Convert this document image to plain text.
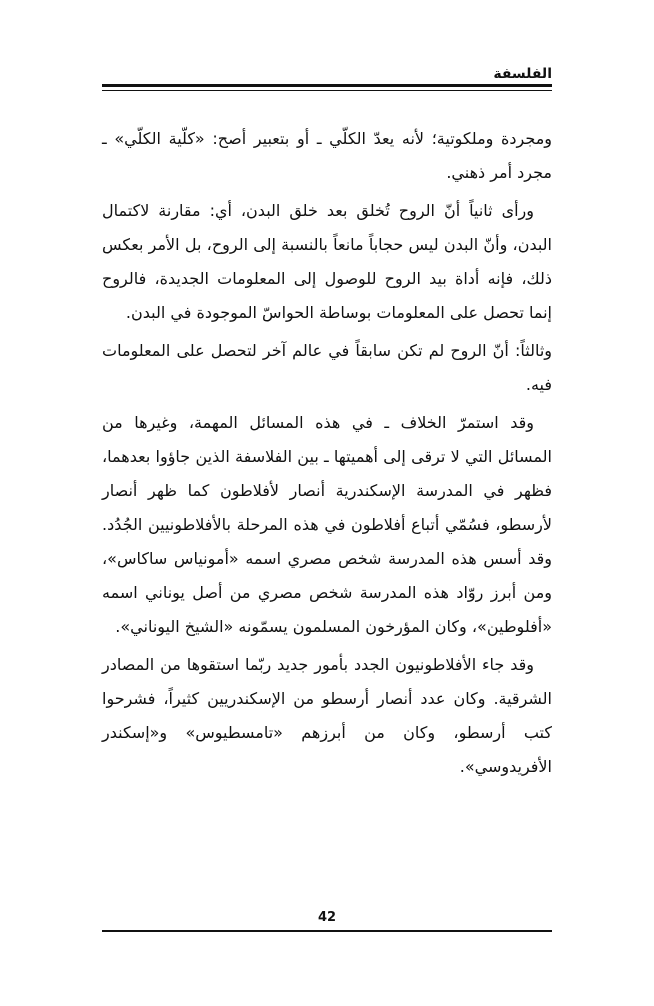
الفلسفة

ومجردة وملكوتية؛ لأنه يعدّ الكلّي ـ أو بتعبير أصح: «كلّية الكلّي» ـ مجرد أمر ذهني.

ورأى ثانياً أنّ الروح تُخلق بعد خلق البدن، أي: مقارنة لاكتمال البدن، وأنّ البدن ليس حجاباً مانعاً بالنسبة إلى الروح، بل الأمر بعكس ذلك، فإنه أداة بيد الروح للوصول إلى المعلومات الجديدة، فالروح إنما تحصل على المعلومات بوساطة الحواسّ الموجودة في البدن.

وثالثاً: أنّ الروح لم تكن سابقاً في عالم آخر لتحصل على المعلومات فيه.

وقد استمرّ الخلاف ـ في هذه المسائل المهمة، وغيرها من المسائل التي لا ترقى إلى أهميتها ـ بين الفلاسفة الذين جاؤوا بعدهما، فظهر في المدرسة الإسكندرية أنصار لأفلاطون كما ظهر أنصار لأرسطو، فسُمّي أتباع أفلاطون في هذه المرحلة بالأفلاطونيين الجُدُد. وقد أسس هذه المدرسة شخص مصري اسمه «أمونياس ساكاس»، ومن أبرز روّاد هذه المدرسة شخص مصري من أصل يوناني اسمه «أفلوطين»، وكان المؤرخون المسلمون يسمّونه «الشيخ اليوناني».

وقد جاء الأفلاطونيون الجدد بأمور جديد ربّما استقوها من المصادر الشرقية. وكان عدد أنصار أرسطو من الإسكندريين كثيراً، فشرحوا كتب أرسطو، وكان من أبرزهم «تامسطيوس» و«إسكندر الأفريدوسي».

42
